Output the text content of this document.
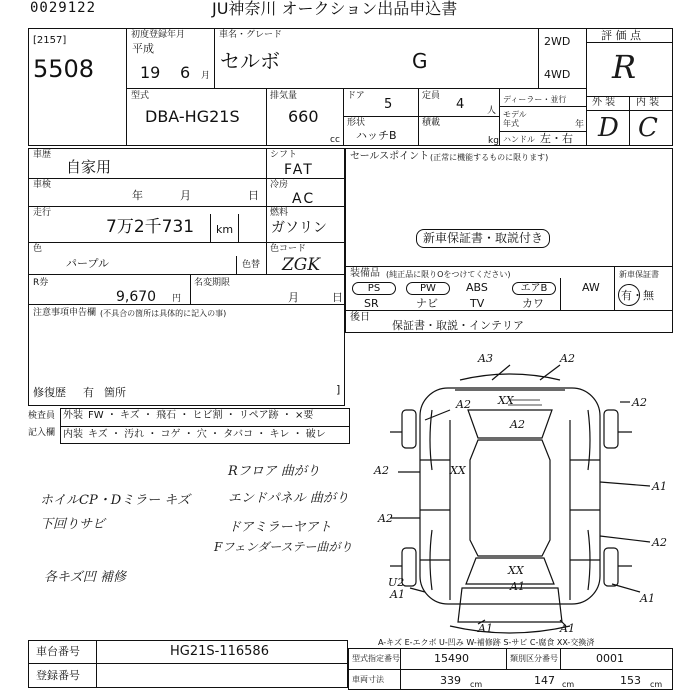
0029122	JU神奈川 オークション出品申込書
[2157]
5508
初度登録年月
平成
19 6 月
車名・グレード
セルボ	G
2WD
4WD
評 価 点
R
外 装 内 装
D C
型式
DBA-HG21S
排気量
660
cc
ドア
5
定員
4	人
形状
ハッチB
積載
kg
ディーラー・並行
モデル年式	年
ハンドル 左・右
車歴
自家用
シフト
FAT
車検
年	月	日
冷房
AC
走行
7万2千731 km
燃料
ガソリン
色
パープル	色替
色コード
ZGK
R券
9,670 円
名変期限
月	日
注意事項申告欄 (不具合の箇所は具体的に記入の事)
修復歴 有 箇所	]
セールスポイント (正常に機能するものに限ります)
新車保証書・取説付き
装備品 (純正品に限りOをつけてください)	新車保証書
有・無
PS	PW	ABS	エアB	AW
SR	ナビ	TV	カワ
後日
保証書・取説・インテリア
検査員
記入欄
外装 FW ・ キズ ・ 飛石 ・ ヒビ割 ・ リペア跡 ・ ×要
内装 キズ ・ 汚れ ・ コゲ ・ 穴 ・ タバコ ・ キレ ・ 破レ
Rフロア 曲がり
エンドパネル 曲がり
ホイルCP・Dミラー キズ
下回りサビ	ドアミラーヤアト
Fフェンダーステー曲がり
各キズ凹 補修
A3	A2
XX
A2
A2
XX
A2
A2
A1
A2
XX
A2
U2
A1
A1
A1
A1	A1
A-キズ E-エクボ U-凹み W-補修跡 S-サビ C-腐食 XX-交換済
車台番号	HG21S-116586
登録番号
型式指定番号	15490	類別区分番号	0001
車両寸法	339 cm	147 cm	153 cm
